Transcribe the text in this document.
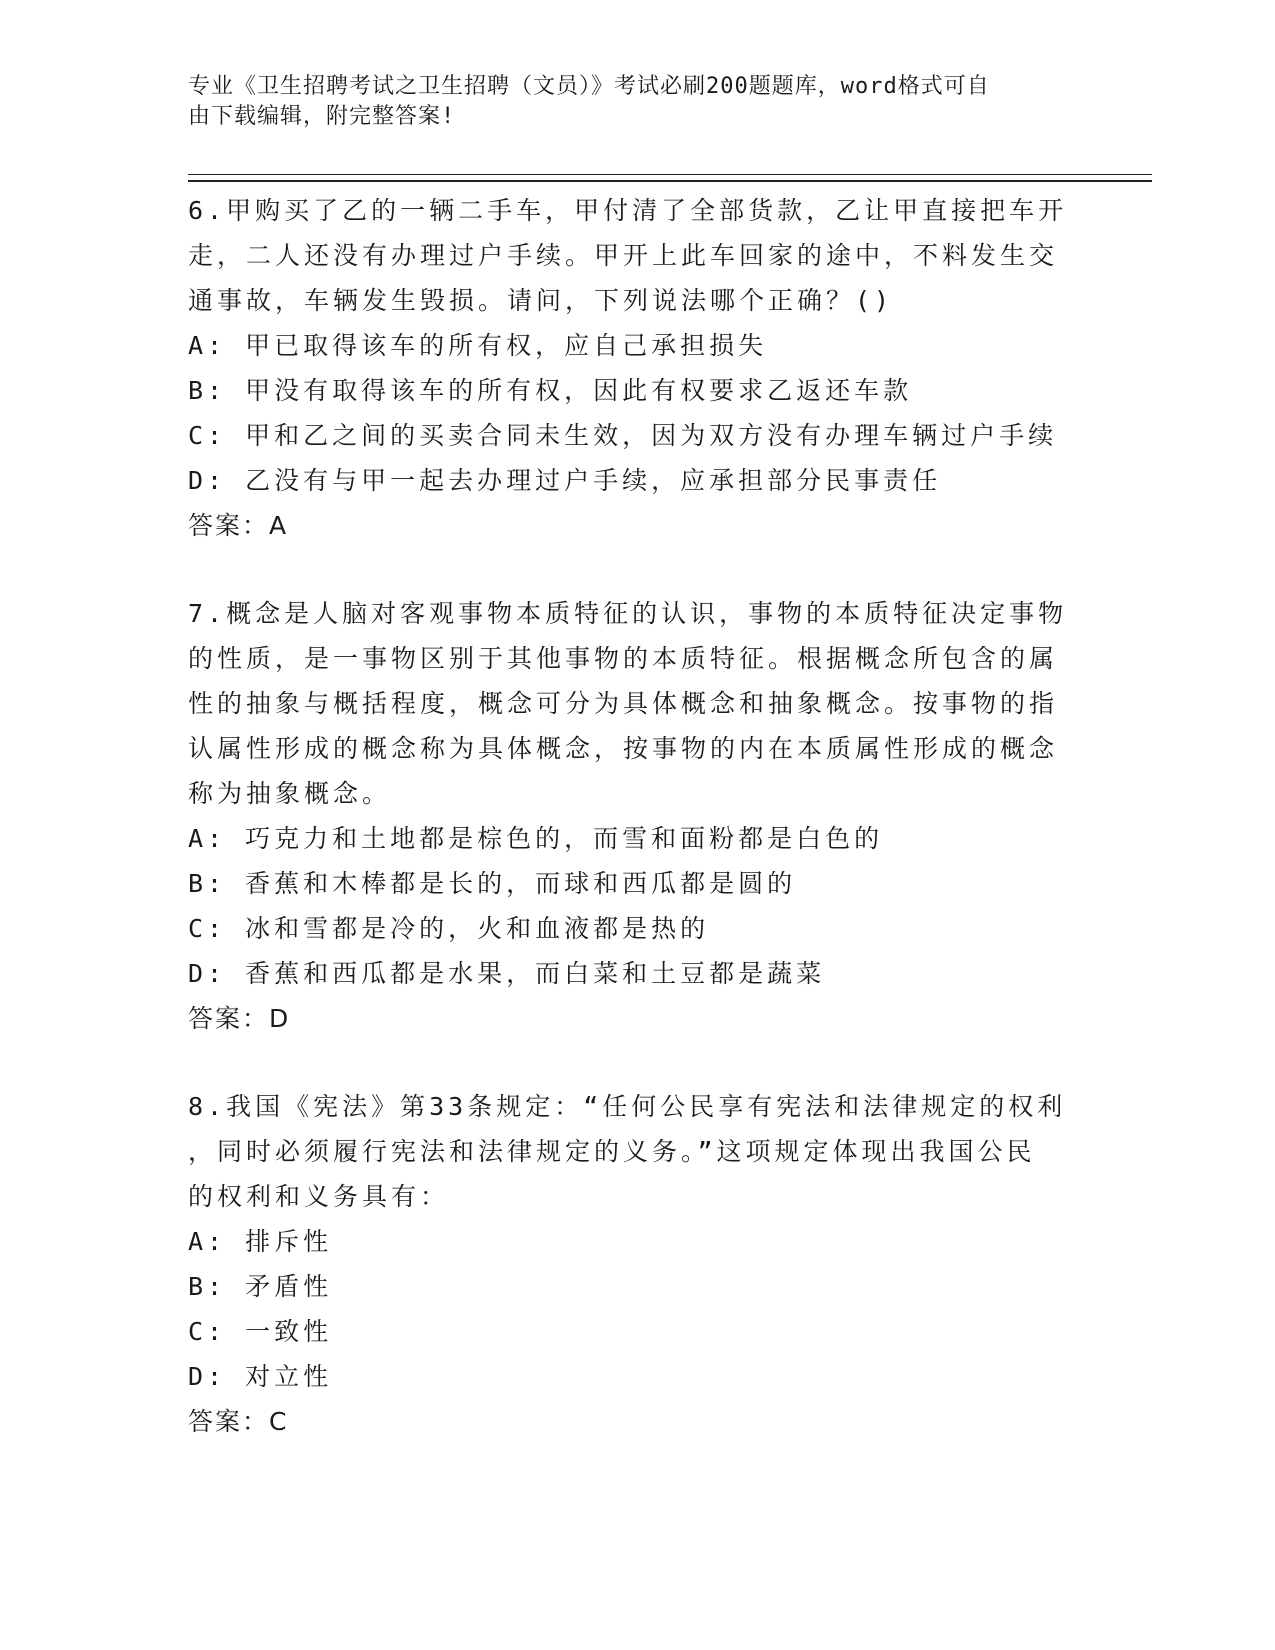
专业《卫生招聘考试之卫生招聘（文员）》考试必刷200题题库，word格式可自
由下载编辑，附完整答案!

6.甲购买了乙的一辆二手车，甲付清了全部货款，乙让甲直接把车开

走，二人还没有办理过户手续。甲开上此车回家的途中，不料发生交

通事故，车辆发生毁损。请问，下列说法哪个正确？()

A: 甲已取得该车的所有权，应自己承担损失

B: 甲没有取得该车的所有权，因此有权要求乙返还车款

C: 甲和乙之间的买卖合同未生效，因为双方没有办理车辆过户手续

D: 乙没有与甲一起去办理过户手续，应承担部分民事责任

答案：A

7.概念是人脑对客观事物本质特征的认识，事物的本质特征决定事物

的性质，是一事物区别于其他事物的本质特征。根据概念所包含的属

性的抽象与概括程度，概念可分为具体概念和抽象概念。按事物的指

认属性形成的概念称为具体概念，按事物的内在本质属性形成的概念

称为抽象概念。

A: 巧克力和土地都是棕色的，而雪和面粉都是白色的

B: 香蕉和木棒都是长的，而球和西瓜都是圆的

C: 冰和雪都是冷的，火和血液都是热的

D: 香蕉和西瓜都是水果，而白菜和土豆都是蔬菜

答案：D

8.我国《宪法》第33条规定：“任何公民享有宪法和法律规定的权利

，同时必须履行宪法和法律规定的义务。”这项规定体现出我国公民

的权利和义务具有：

A: 排斥性

B: 矛盾性

C: 一致性

D: 对立性

答案：C
